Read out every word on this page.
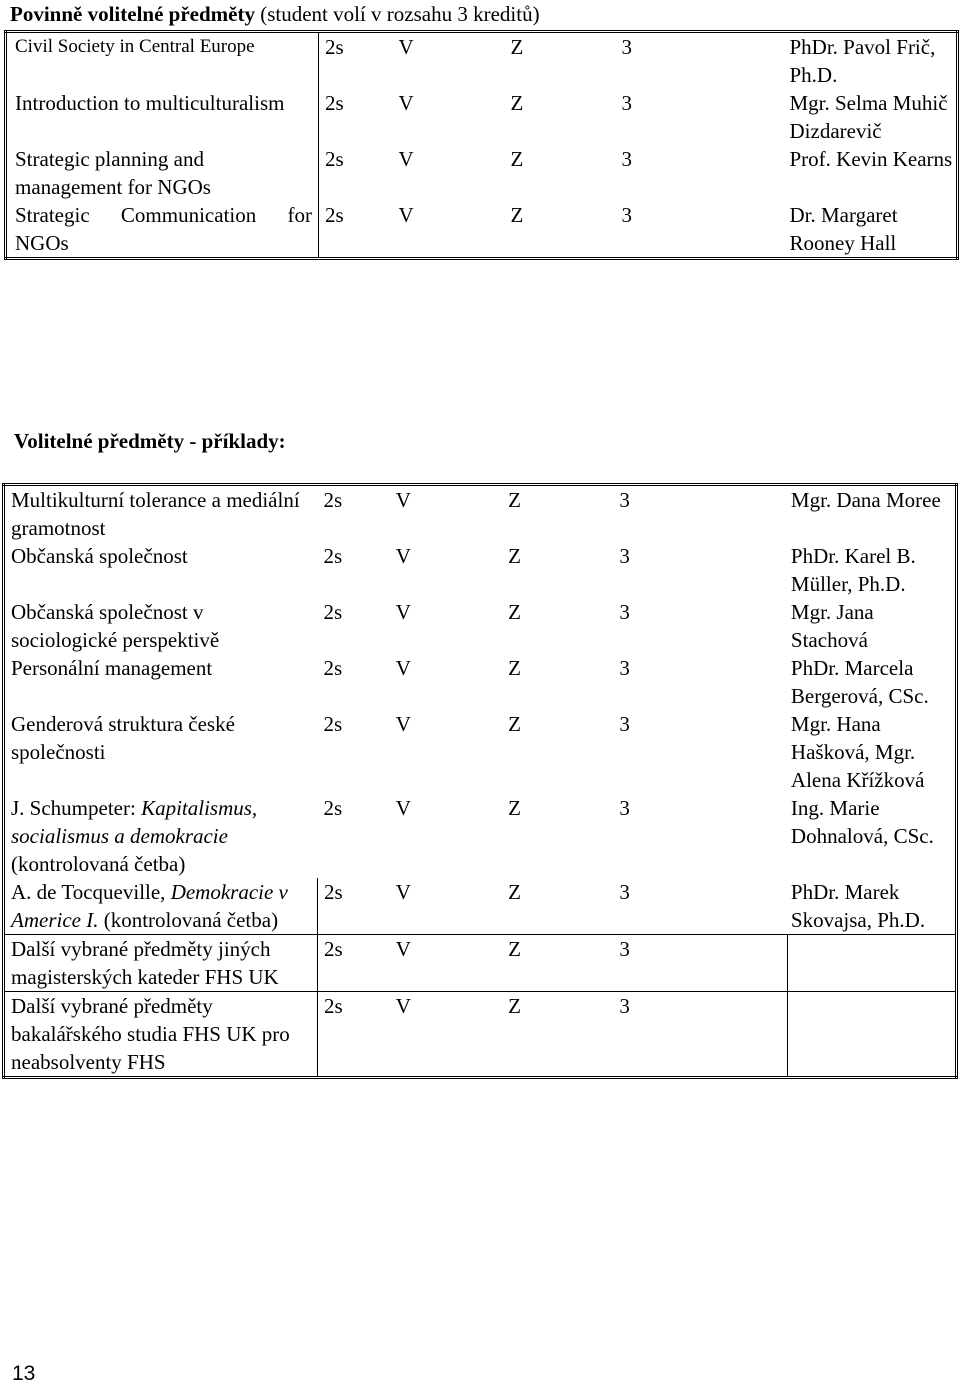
Povinně volitelné předměty (student volí v rozsahu 3 kreditů)
Civil Society in Central Europe	2s	V	Z	3	PhDr. Pavol Frič, Ph.D.
Introduction to multiculturalism	2s	V	Z	3	Mgr. Selma Muhič Dizdarevič
Strategic planning and management for NGOs	2s	V	Z	3	Prof. Kevin Kearns
Strategic Communication for NGOs	2s	V	Z	3	Dr. Margaret Rooney Hall
Volitelné předměty - příklady:
Multikulturní tolerance a mediální gramotnost	2s	V	Z	3	Mgr. Dana Moree
Občanská společnost	2s	V	Z	3	PhDr. Karel B. Müller, Ph.D.
Občanská společnost v sociologické perspektivě	2s	V	Z	3	Mgr. Jana Stachová
Personální management	2s	V	Z	3	PhDr. Marcela Bergerová, CSc.
Genderová struktura české společnosti	2s	V	Z	3	Mgr. Hana Hašková, Mgr. Alena Křížková
J. Schumpeter: Kapitalismus, socialismus a demokracie (kontrolovaná četba)	2s	V	Z	3	Ing. Marie Dohnalová, CSc.
A. de Tocqueville, Demokracie v Americe I. (kontrolovaná četba)	2s	V	Z	3	PhDr. Marek Skovajsa, Ph.D.
Další vybrané předměty jiných magisterských kateder FHS UK	2s	V	Z	3	
Další vybrané předměty bakalářského studia FHS UK pro neabsolventy FHS	2s	V	Z	3	
13
